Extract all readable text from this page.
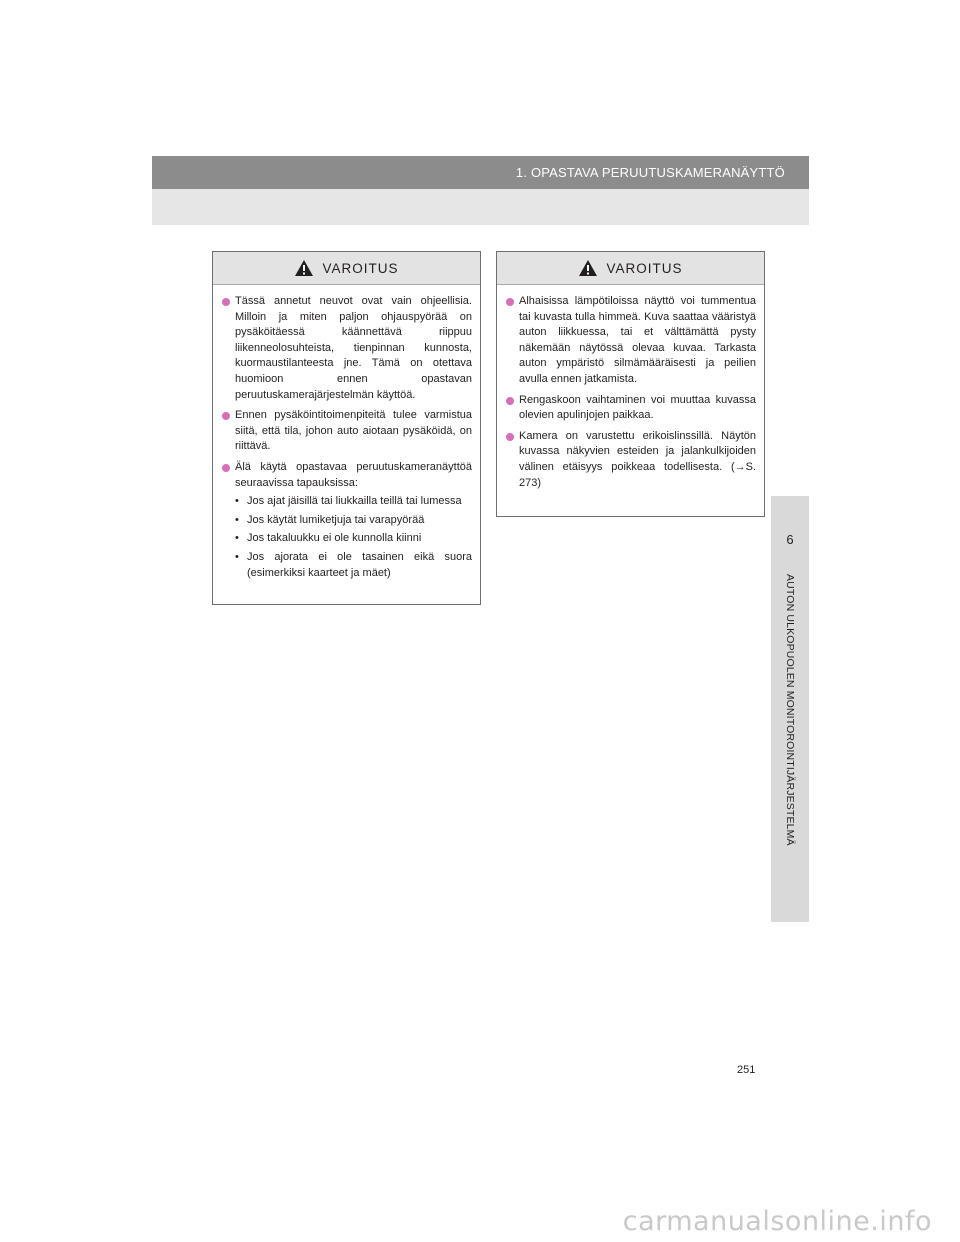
1. OPASTAVA PERUUTUSKAMERANÄYTTÖ
6
AUTON ULKOPUOLEN MONITOROINTIJÄRJESTELMÄ
VAROITUS
Tässä annetut neuvot ovat vain ohjeellisia. Milloin ja miten paljon ohjauspyörää on pysäköitäessä käännettävä riippuu liikenneolosuhteista, tienpinnan kunnosta, kuormaustilanteesta jne. Tämä on otettava huomioon ennen opastavan peruutuskamerajärjestelmän käyttöä.
Ennen pysäköintitoimenpiteitä tulee varmistua siitä, että tila, johon auto aiotaan pysäköidä, on riittävä.
Älä käytä opastavaa peruutuskameranäyttöä seuraavissa tapauksissa:
• Jos ajat jäisillä tai liukkailla teillä tai lumessa
• Jos käytät lumiketjuja tai varapyörää
• Jos takaluukku ei ole kunnolla kiinni
• Jos ajorata ei ole tasainen eikä suora (esimerkiksi kaarteet ja mäet)
VAROITUS
Alhaisissa lämpötiloissa näyttö voi tummentua tai kuvasta tulla himmeä. Kuva saattaa vääristyä auton liikkuessa, tai et välttämättä pysty näkemään näytössä olevaa kuvaa. Tarkasta auton ympäristö silmämääräisesti ja peilien avulla ennen jatkamista.
Rengaskoon vaihtaminen voi muuttaa kuvassa olevien apulinjojen paikkaa.
Kamera on varustettu erikoislinssillä. Näytön kuvassa näkyvien esteiden ja jalankulkijoiden välinen etäisyys poikkeaa todellisesta. (→S. 273)
251
carmanualsonline.info
